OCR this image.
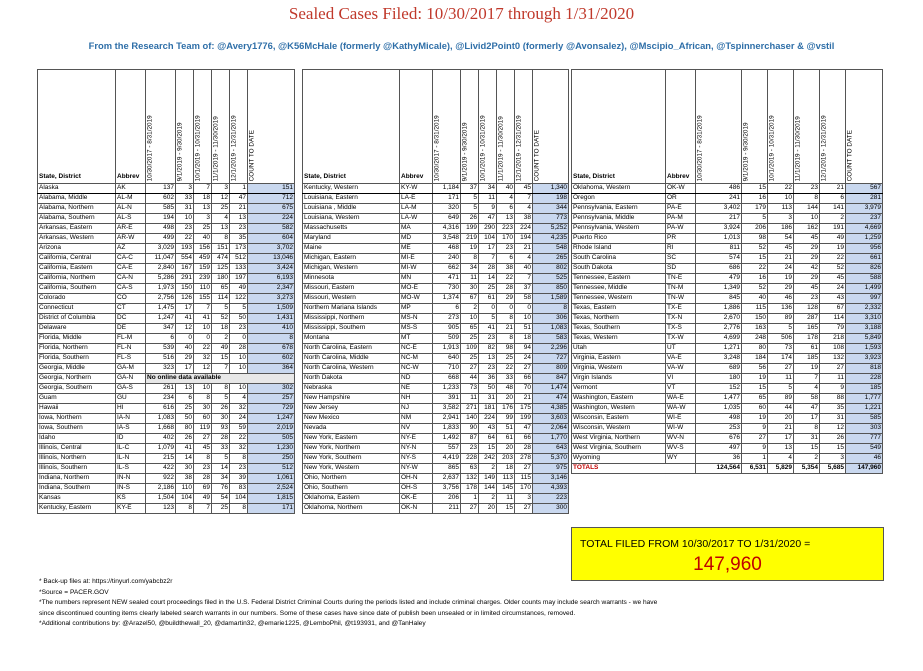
Sealed Cases Filed: 10/30/2017 through 1/31/2020
From the Research Team of: @Avery1776, @K56McHale (formerly @KathyMicale), @Livid2Point0 (formerly @Avonsalez), @Mscipio_African, @Tspinnerchaser & @vstil
State, District	Abbrev	10/30/2017 - 8/31/2019	9/1/2019 - 9/30/2019	10/1/2019 - 10/31/2019	11/1/2019 - 11/30/2019	12/1/2019 - 12/31/2019	COUNT TO DATE

Alaska	AK	137	3	7	3	1	151
Alabama, Middle	AL-M	602	33	18	12	47	712
Alabama, Northern	AL-N	585	31	13	25	21	675
Alabama, Southern	AL-S	194	10	3	4	13	224
Arkansas, Eastern	AR-E	498	23	25	13	23	582
Arkansas, Western	AR-W	499	22	40	8	35	604
Arizona	AZ	3,029	193	156	151	173	3,702
California, Central	CA-C	11,047	554	459	474	512	13,046
California, Eastern	CA-E	2,840	167	159	125	133	3,424
California, Northern	CA-N	5,286	291	239	180	197	6,193
California, Southern	CA-S	1,973	150	110	65	49	2,347
Colorado	CO	2,756	126	155	114	122	3,273
Connecticut	CT	1,475	17	7	5	5	1,509
District of Columbia	DC	1,247	41	41	52	50	1,431
Delaware	DE	347	12	10	18	23	410
Florida, Middle	FL-M	6	0	0	2	0	8
Florida, Northern	FL-N	539	40	22	49	28	678
Florida, Southern	FL-S	516	29	32	15	10	602
Georgia, Middle	GA-M	323	17	12	7	10	364
Georgia, Northern	GA-N	No online data available					
Georgia, Southern	GA-S	261	13	10	8	10	302
Guam	GU	234	6	8	5	4	257
Hawaii	HI	616	25	30	26	32	729
Iowa, Northern	IA-N	1,083	50	60	30	24	1,247
Iowa, Southern	IA-S	1,668	80	119	93	59	2,019
Idaho	ID	402	26	27	28	22	505
Illinois, Central	IL-C	1,079	41	45	33	32	1,230
Illinois, Northern	IL-N	215	14	8	5	8	250
Illinois, Southern	IL-S	422	30	23	14	23	512
Indiana, Northern	IN-N	922	38	28	34	39	1,061
Indiana, Southern	IN-S	2,186	110	69	76	83	2,524
Kansas	KS	1,504	104	49	54	104	1,815
Kentucky, Eastern	KY-E	123	8	7	25	8	171
State, District	Abbrev	10/30/2017 - 8/31/2019	9/1/2019 - 9/30/2019	10/1/2019 - 10/31/2019	11/1/2019 - 11/30/2019	12/1/2019 - 12/31/2019	COUNT TO DATE

Kentucky, Western	KY-W	1,184	37	34	40	45	1,340
Louisiana, Eastern	LA-E	171	5	11	4	7	198
Louisiana , Middle	LA-M	320	5	9	6	4	344
Louisiana, Western	LA-W	649	26	47	13	38	773
Massachusetts	MA	4,316	199	290	223	224	5,252
Maryland	MD	3,548	219	104	170	194	4,235
Maine	ME	468	19	17	23	21	548
Michigan, Eastern	MI-E	240	8	7	6	4	265
Michigan, Western	MI-W	662	34	28	38	40	802
Minnesota	MN	471	11	14	22	7	525
Missouri, Eastern	MO-E	730	30	25	28	37	850
Missouri, Western	MO-W	1,374	67	61	29	58	1,589
Northern Mariana Islands	MP	6	2	0	0	0	8
Mississippi, Northern	MS-N	273	10	5	8	10	306
Mississippi, Southern	MS-S	905	65	41	21	51	1,083
Montana	MT	509	25	23	8	18	583
North Carolina, Eastern	NC-E	1,913	109	82	98	94	2,296
North Carolina, Middle	NC-M	640	25	13	25	24	727
North Carolina, Western	NC-W	710	27	23	22	27	809
North Dakota	ND	668	44	36	33	66	847
Nebraska	NE	1,233	73	50	48	70	1,474
New Hampshire	NH	391	11	31	20	21	474
New Jersey	NJ	3,582	271	181	176	175	4,385
New Mexico	NM	2,941	140	224	99	199	3,603
Nevada	NV	1,833	90	43	51	47	2,064
New York, Eastern	NY-E	1,492	87	64	61	66	1,770
New York, Northern	NY-N	557	23	15	20	28	643
New York, Southern	NY-S	4,419	228	242	203	278	5,370
New York, Western	NY-W	865	63	2	18	27	975
Ohio, Northern	OH-N	2,637	132	149	113	115	3,146
Ohio, Southern	OH-S	3,756	178	144	145	170	4,393
Oklahoma, Eastern	OK-E	206	1	2	11	3	223
Oklahoma, Northern	OK-N	211	27	20	15	27	300
State, District	Abbrev	10/30/2017 - 8/31/2019	9/1/2019 - 9/30/2019	10/1/2019 - 10/31/2019	11/1/2019 - 11/30/2019	12/1/2019 - 12/31/2019	COUNT TO DATE

Oklahoma, Western	OK-W	486	15	22	23	21	567
Oregon	OR	241	16	10	8	6	281
Pennsylvania, Eastern	PA-E	3,402	179	113	144	141	3,979
Pennsylvania, Middle	PA-M	217	5	3	10	2	237
Pennsylvania, Western	PA-W	3,924	206	186	162	191	4,669
Puerto Rico	PR	1,013	98	54	45	49	1,259
Rhode Island	RI	811	52	45	29	19	956
South Carolina	SC	574	15	21	29	22	661
South Dakota	SD	686	22	24	42	52	826
Tennessee, Eastern	TN-E	479	16	19	29	45	588
Tennessee, Middle	TN-M	1,349	52	29	45	24	1,499
Tennessee, Western	TN-W	845	40	46	23	43	997
Texas, Eastern	TX-E	1,886	115	136	128	67	2,332
Texas, Northern	TX-N	2,670	150	89	287	114	3,310
Texas, Southern	TX-S	2,776	163	5	165	79	3,188
Texas, Western	TX-W	4,699	248	506	178	218	5,849
Utah	UT	1,271	80	73	61	108	1,593
Virginia, Eastern	VA-E	3,248	184	174	185	132	3,923
Virginia, Western	VA-W	689	56	27	19	27	818
Virgin Islands	VI	180	19	11	7	11	228
Vermont	VT	152	15	5	4	9	185
Washington, Eastern	WA-E	1,477	65	89	58	88	1,777
Washington, Western	WA-W	1,035	60	44	47	35	1,221
Wisconsin, Eastern	WI-E	498	19	20	17	31	585
Wisconsin, Western	WI-W	253	9	21	8	12	303
West Virginia, Northern	WV-N	676	27	17	31	26	777
West Virginia, Southern	WV-S	497	9	13	15	15	549
Wyoming	WY	36	1	4	2	3	46
TOTALS		124,564	6,531	5,829	5,354	5,685	147,960
TOTAL FILED FROM 10/30/2017 TO 1/31/2020 =
147,960
* Back-up files at: https://tinyurl.com/yabcbz2r
*Source = PACER.GOV
*The numbers represent NEW sealed court proceedings filed in the U.S. Federal District Criminal Courts during the periods listed and include criminal charges. Older counts may include search warrants - we have
since discontinued counting items clearly labeled search warrants in our numbers. Some of these cases have since date of publish been unsealed or in limited circumstances, removed.
*Additional contributions by: @Arazel50, @buildthewall_20, @damartin32, @emarie1225, @LemboPhil, @t193931, and @TanHaley
